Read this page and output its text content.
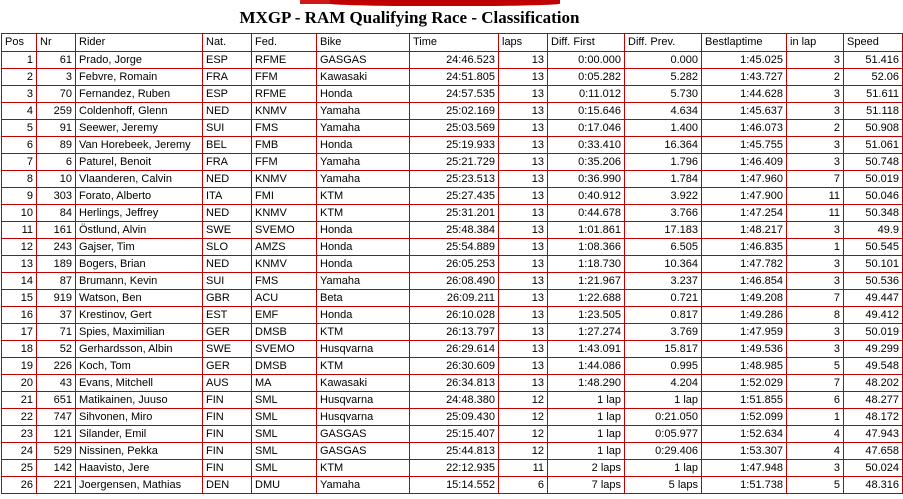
MXGP - RAM Qualifying Race - Classification
Pos	Nr	Rider	Nat.	Fed.	Bike	Time	laps	Diff. First	Diff. Prev.	Bestlaptime	in lap	Speed
1	61	Prado, Jorge	ESP	RFME	GASGAS	24:46.523	13	0:00.000	0.000	1:45.025	3	51.416
2	3	Febvre, Romain	FRA	FFM	Kawasaki	24:51.805	13	0:05.282	5.282	1:43.727	2	52.06
3	70	Fernandez, Ruben	ESP	RFME	Honda	24:57.535	13	0:11.012	5.730	1:44.628	3	51.611
4	259	Coldenhoff, Glenn	NED	KNMV	Yamaha	25:02.169	13	0:15.646	4.634	1:45.637	3	51.118
5	91	Seewer, Jeremy	SUI	FMS	Yamaha	25:03.569	13	0:17.046	1.400	1:46.073	2	50.908
6	89	Van Horebeek, Jeremy	BEL	FMB	Honda	25:19.933	13	0:33.410	16.364	1:45.755	3	51.061
7	6	Paturel, Benoit	FRA	FFM	Yamaha	25:21.729	13	0:35.206	1.796	1:46.409	3	50.748
8	10	Vlaanderen, Calvin	NED	KNMV	Yamaha	25:23.513	13	0:36.990	1.784	1:47.960	7	50.019
9	303	Forato, Alberto	ITA	FMI	KTM	25:27.435	13	0:40.912	3.922	1:47.900	11	50.046
10	84	Herlings, Jeffrey	NED	KNMV	KTM	25:31.201	13	0:44.678	3.766	1:47.254	11	50.348
11	161	Östlund, Alvin	SWE	SVEMO	Honda	25:48.384	13	1:01.861	17.183	1:48.217	3	49.9
12	243	Gajser, Tim	SLO	AMZS	Honda	25:54.889	13	1:08.366	6.505	1:46.835	1	50.545
13	189	Bogers, Brian	NED	KNMV	Honda	26:05.253	13	1:18.730	10.364	1:47.782	3	50.101
14	87	Brumann, Kevin	SUI	FMS	Yamaha	26:08.490	13	1:21.967	3.237	1:46.854	3	50.536
15	919	Watson, Ben	GBR	ACU	Beta	26:09.211	13	1:22.688	0.721	1:49.208	7	49.447
16	37	Krestinov, Gert	EST	EMF	Honda	26:10.028	13	1:23.505	0.817	1:49.286	8	49.412
17	71	Spies, Maximilian	GER	DMSB	KTM	26:13.797	13	1:27.274	3.769	1:47.959	3	50.019
18	52	Gerhardsson, Albin	SWE	SVEMO	Husqvarna	26:29.614	13	1:43.091	15.817	1:49.536	3	49.299
19	226	Koch, Tom	GER	DMSB	KTM	26:30.609	13	1:44.086	0.995	1:48.985	5	49.548
20	43	Evans, Mitchell	AUS	MA	Kawasaki	26:34.813	13	1:48.290	4.204	1:52.029	7	48.202
21	651	Matikainen, Juuso	FIN	SML	Husqvarna	24:48.380	12	1 lap	1 lap	1:51.855	6	48.277
22	747	Sihvonen, Miro	FIN	SML	Husqvarna	25:09.430	12	1 lap	0:21.050	1:52.099	1	48.172
23	121	Silander, Emil	FIN	SML	GASGAS	25:15.407	12	1 lap	0:05.977	1:52.634	4	47.943
24	529	Nissinen, Pekka	FIN	SML	GASGAS	25:44.813	12	1 lap	0:29.406	1:53.307	4	47.658
25	142	Haavisto, Jere	FIN	SML	KTM	22:12.935	11	2 laps	1 lap	1:47.948	3	50.024
26	221	Joergensen, Mathias	DEN	DMU	Yamaha	15:14.552	6	7 laps	5 laps	1:51.738	5	48.316
